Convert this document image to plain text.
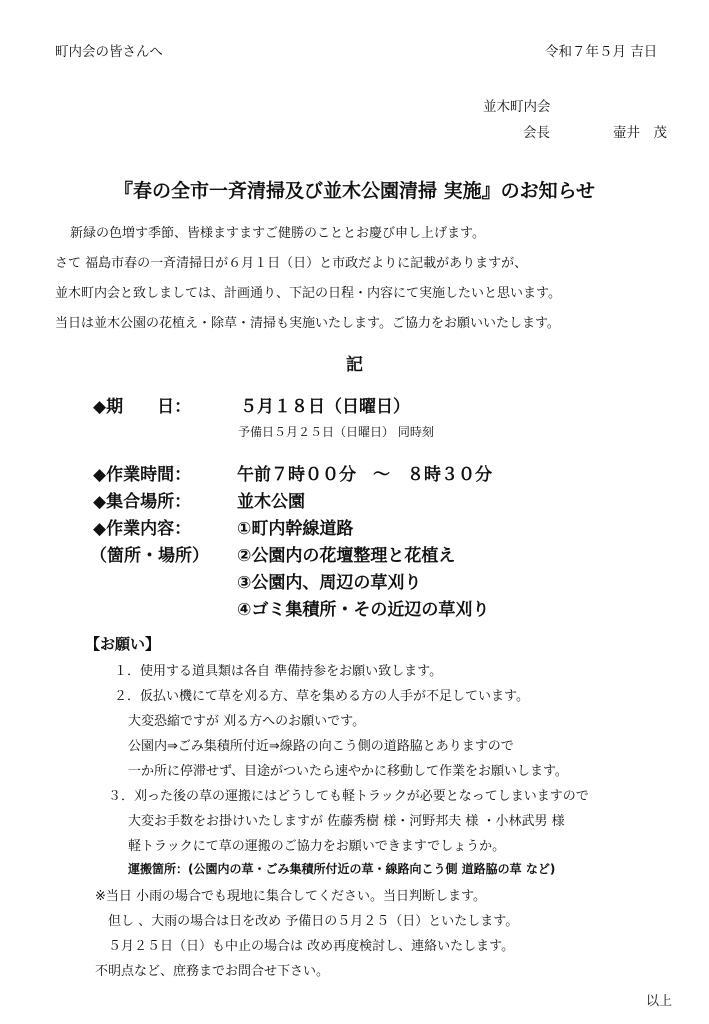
町内会の皆さんへ	令和７年５月 吉日
並木町内会
会長	壷井　茂
『春の全市一斉清掃及び並木公園清掃 実施』のお知らせ
新緑の色増す季節、皆様ますますご健勝のこととお慶び申し上げます。
さて 福島市春の一斉清掃日が６月１日（日）と市政だよりに記載がありますが、
並木町内会と致しましては、計画通り、下記の日程・内容にて実施したいと思います。
当日は並木公園の花植え・除草・清掃も実施いたします。ご協力をお願いいたします。
記
◆期　　日：	５月１８日（日曜日）
予備日５月２５日（日曜日） 同時刻
◆作業時間：	午前７時００分　～　８時３０分
◆集合場所：	並木公園
◆作業内容：	①町内幹線道路
（箇所・場所） ②公園内の花壇整理と花植え
③公園内、周辺の草刈り
④ゴミ集積所・その近辺の草刈り
【お願い】
１．使用する道具類は各自 準備持参をお願い致します。
２．仮払い機にて草を刈る方、草を集める方の人手が不足しています。
大変恐縮ですが 刈る方へのお願いです。
公園内⇒ごみ集積所付近⇒線路の向こう側の道路脇とありますので
一か所に停滞せず、目途がついたら速やかに移動して作業をお願いします。
３．刈った後の草の運搬にはどうしても軽トラックが必要となってしまいますので
大変お手数をお掛けいたしますが 佐藤秀樹 様・河野邦夫 様 ・小林武男 様
軽トラックにて草の運搬のご協力をお願いできますでしょうか。
運搬箇所：(公園内の草・ごみ集積所付近の草・線路向こう側 道路脇の草 など)
※当日 小雨の場合でも現地に集合してください。当日判断します。
但し 、大雨の場合は日を改め 予備日の５月２５（日）といたします。
５月２５日（日）も中止の場合は 改め再度検討し、連絡いたします。
不明点など、庶務までお問合せ下さい。
以上
